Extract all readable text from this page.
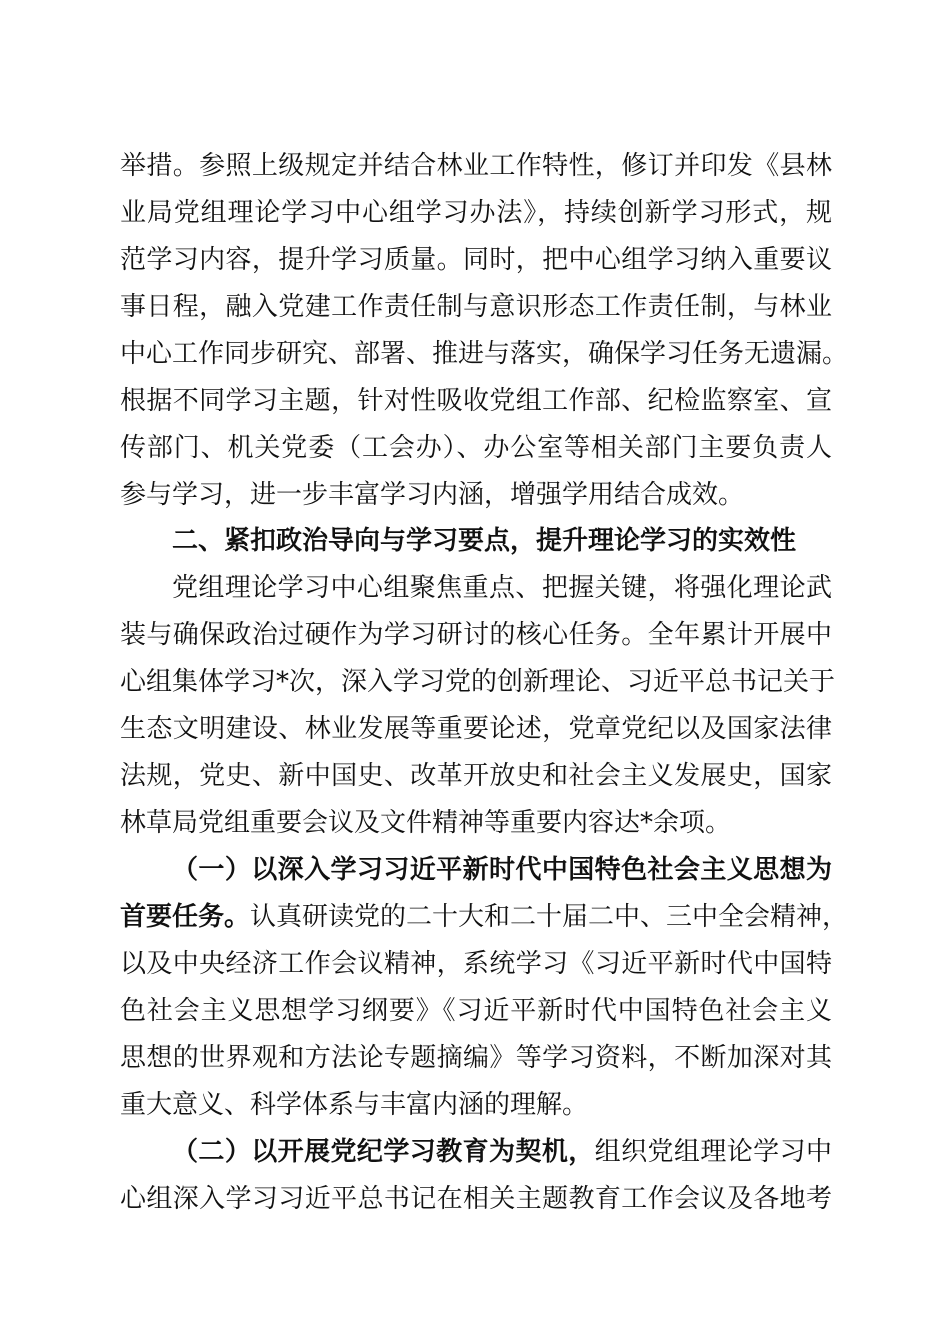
举措。参照上级规定并结合林业工作特性，修订并印发《县林
业局党组理论学习中心组学习办法》，持续创新学习形式，规
范学习内容，提升学习质量。同时，把中心组学习纳入重要议
事日程，融入党建工作责任制与意识形态工作责任制，与林业
中心工作同步研究、部署、推进与落实，确保学习任务无遗漏。
根据不同学习主题，针对性吸收党组工作部、纪检监察室、宣
传部门、机关党委（工会办）、办公室等相关部门主要负责人
参与学习，进一步丰富学习内涵，增强学用结合成效。
二、紧扣政治导向与学习要点，提升理论学习的实效性
党组理论学习中心组聚焦重点、把握关键，将强化理论武
装与确保政治过硬作为学习研讨的核心任务。全年累计开展中
心组集体学习*次，深入学习党的创新理论、习近平总书记关于
生态文明建设、林业发展等重要论述，党章党纪以及国家法律
法规，党史、新中国史、改革开放史和社会主义发展史，国家
林草局党组重要会议及文件精神等重要内容达*余项。
（一）以深入学习习近平新时代中国特色社会主义思想为
首要任务。认真研读党的二十大和二十届二中、三中全会精神，
以及中央经济工作会议精神，系统学习《习近平新时代中国特
色社会主义思想学习纲要》《习近平新时代中国特色社会主义
思想的世界观和方法论专题摘编》等学习资料，不断加深对其
重大意义、科学体系与丰富内涵的理解。
（二）以开展党纪学习教育为契机，组织党组理论学习中
心组深入学习习近平总书记在相关主题教育工作会议及各地考
